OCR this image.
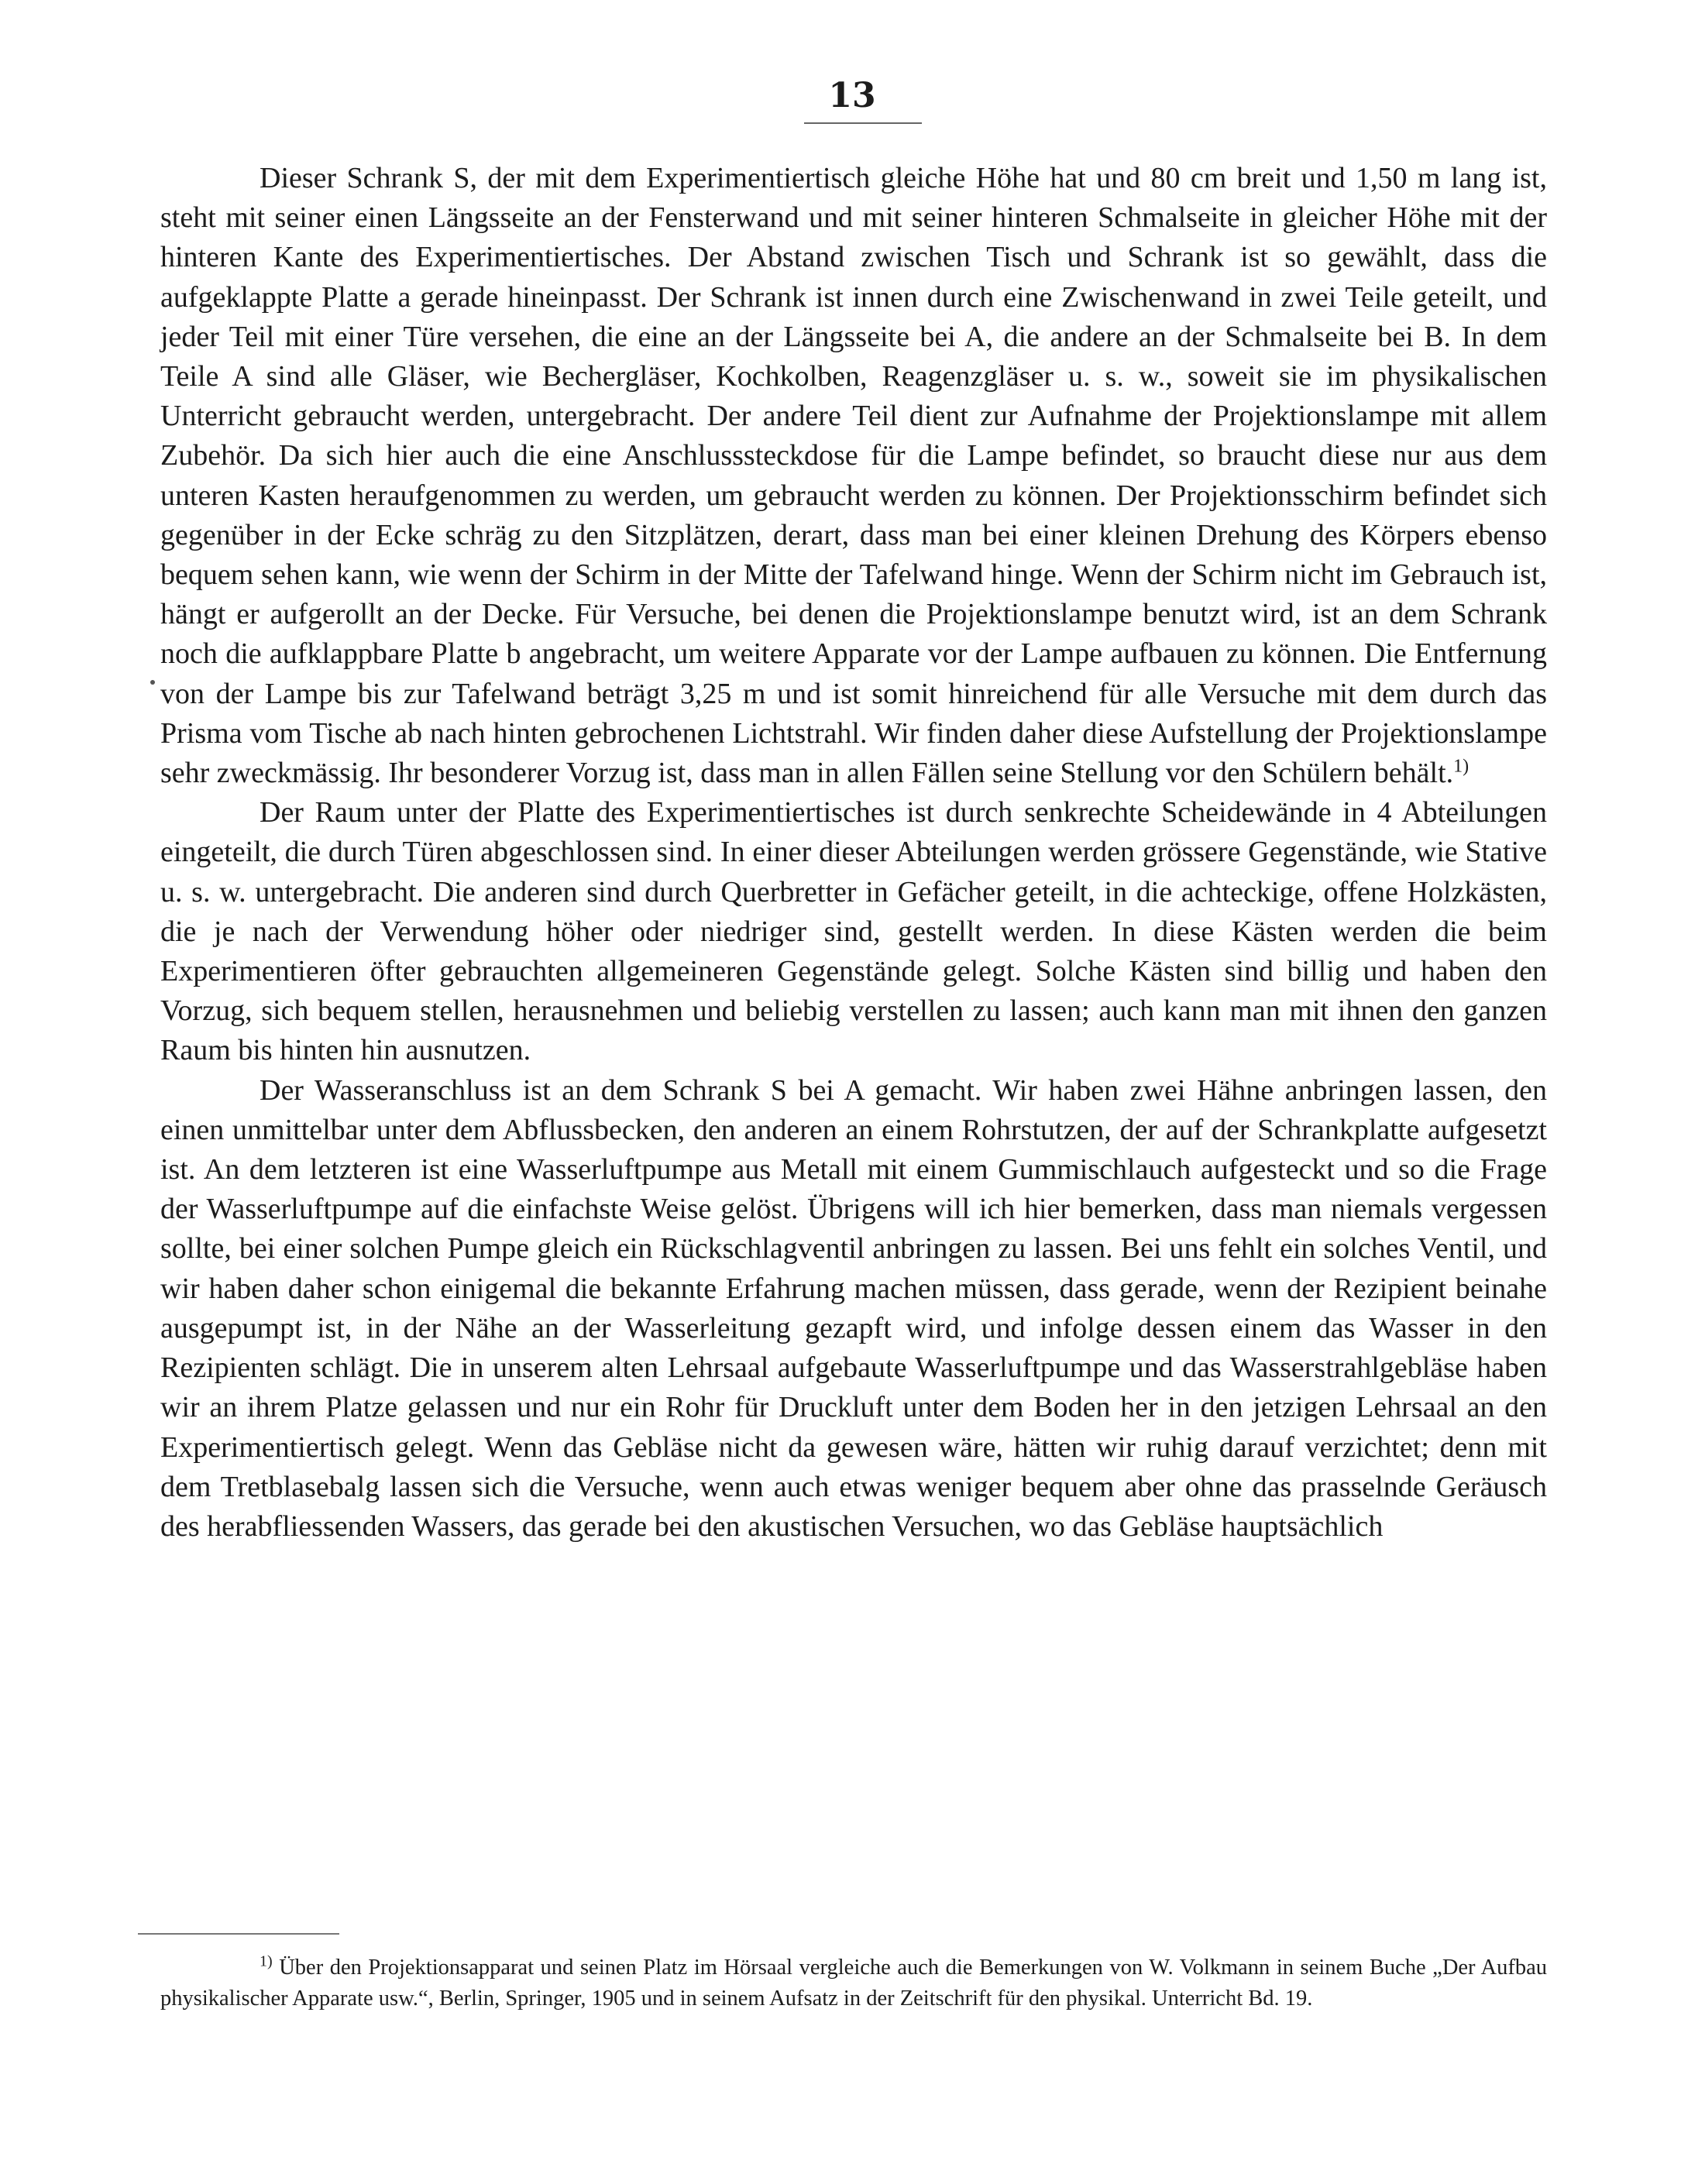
13

Dieser Schrank S, der mit dem Experimentiertisch gleiche Höhe hat und 80 cm breit und 1,50 m lang ist, steht mit seiner einen Längsseite an der Fensterwand und mit seiner hinteren Schmalseite in gleicher Höhe mit der hinteren Kante des Experimentiertisches. Der Abstand zwischen Tisch und Schrank ist so gewählt, dass die aufgeklappte Platte a gerade hineinpasst. Der Schrank ist innen durch eine Zwischenwand in zwei Teile geteilt, und jeder Teil mit einer Türe versehen, die eine an der Längsseite bei A, die andere an der Schmalseite bei B. In dem Teile A sind alle Gläser, wie Bechergläser, Kochkolben, Reagenzgläser u. s. w., soweit sie im physikalischen Unterricht gebraucht werden, untergebracht. Der andere Teil dient zur Aufnahme der Projektionslampe mit allem Zubehör. Da sich hier auch die eine Anschlusssteckdose für die Lampe befindet, so braucht diese nur aus dem unteren Kasten heraufgenommen zu werden, um gebraucht werden zu können. Der Projektionsschirm befindet sich gegenüber in der Ecke schräg zu den Sitzplätzen, derart, dass man bei einer kleinen Drehung des Körpers ebenso bequem sehen kann, wie wenn der Schirm in der Mitte der Tafelwand hinge. Wenn der Schirm nicht im Gebrauch ist, hängt er aufgerollt an der Decke. Für Versuche, bei denen die Projektionslampe benutzt wird, ist an dem Schrank noch die aufklappbare Platte b angebracht, um weitere Apparate vor der Lampe aufbauen zu können. Die Entfernung von der Lampe bis zur Tafelwand beträgt 3,25 m und ist somit hinreichend für alle Versuche mit dem durch das Prisma vom Tische ab nach hinten gebrochenen Lichtstrahl. Wir finden daher diese Aufstellung der Projektionslampe sehr zweckmässig. Ihr besonderer Vorzug ist, dass man in allen Fällen seine Stellung vor den Schülern behält.$^{1)}$

Der Raum unter der Platte des Experimentiertisches ist durch senkrechte Scheidewände in 4 Abteilungen eingeteilt, die durch Türen abgeschlossen sind. In einer dieser Abteilungen werden grössere Gegenstände, wie Stative u. s. w. untergebracht. Die anderen sind durch Querbretter in Gefächer geteilt, in die achteckige, offene Holzkästen, die je nach der Verwendung höher oder niedriger sind, gestellt werden. In diese Kästen werden die beim Experimentieren öfter gebrauchten allgemeineren Gegenstände gelegt. Solche Kästen sind billig und haben den Vorzug, sich bequem stellen, herausnehmen und beliebig verstellen zu lassen; auch kann man mit ihnen den ganzen Raum bis hinten hin ausnutzen.

Der Wasseranschluss ist an dem Schrank S bei A gemacht. Wir haben zwei Hähne anbringen lassen, den einen unmittelbar unter dem Abflussbecken, den anderen an einem Rohrstutzen, der auf der Schrankplatte aufgesetzt ist. An dem letzteren ist eine Wasserluftpumpe aus Metall mit einem Gummischlauch aufgesteckt und so die Frage der Wasserluftpumpe auf die einfachste Weise gelöst. Übrigens will ich hier bemerken, dass man niemals vergessen sollte, bei einer solchen Pumpe gleich ein Rückschlagventil anbringen zu lassen. Bei uns fehlt ein solches Ventil, und wir haben daher schon einigemal die bekannte Erfahrung machen müssen, dass gerade, wenn der Rezipient beinahe ausgepumpt ist, in der Nähe an der Wasserleitung gezapft wird, und infolge dessen einem das Wasser in den Rezipienten schlägt. Die in unserem alten Lehrsaal aufgebaute Wasserluftpumpe und das Wasserstrahlgebläse haben wir an ihrem Platze gelassen und nur ein Rohr für Druckluft unter dem Boden her in den jetzigen Lehrsaal an den Experimentiertisch gelegt. Wenn das Gebläse nicht da gewesen wäre, hätten wir ruhig darauf verzichtet; denn mit dem Tretblasebalg lassen sich die Versuche, wenn auch etwas weniger bequem aber ohne das prasselnde Geräusch des herabfliessenden Wassers, das gerade bei den akustischen Versuchen, wo das Gebläse hauptsächlich

$^{1)}$ Über den Projektionsapparat und seinen Platz im Hörsaal vergleiche auch die Bemerkungen von W. Volkmann in seinem Buche „Der Aufbau physikalischer Apparate usw.“, Berlin, Springer, 1905 und in seinem Aufsatz in der Zeitschrift für den physikal. Unterricht Bd. 19.
